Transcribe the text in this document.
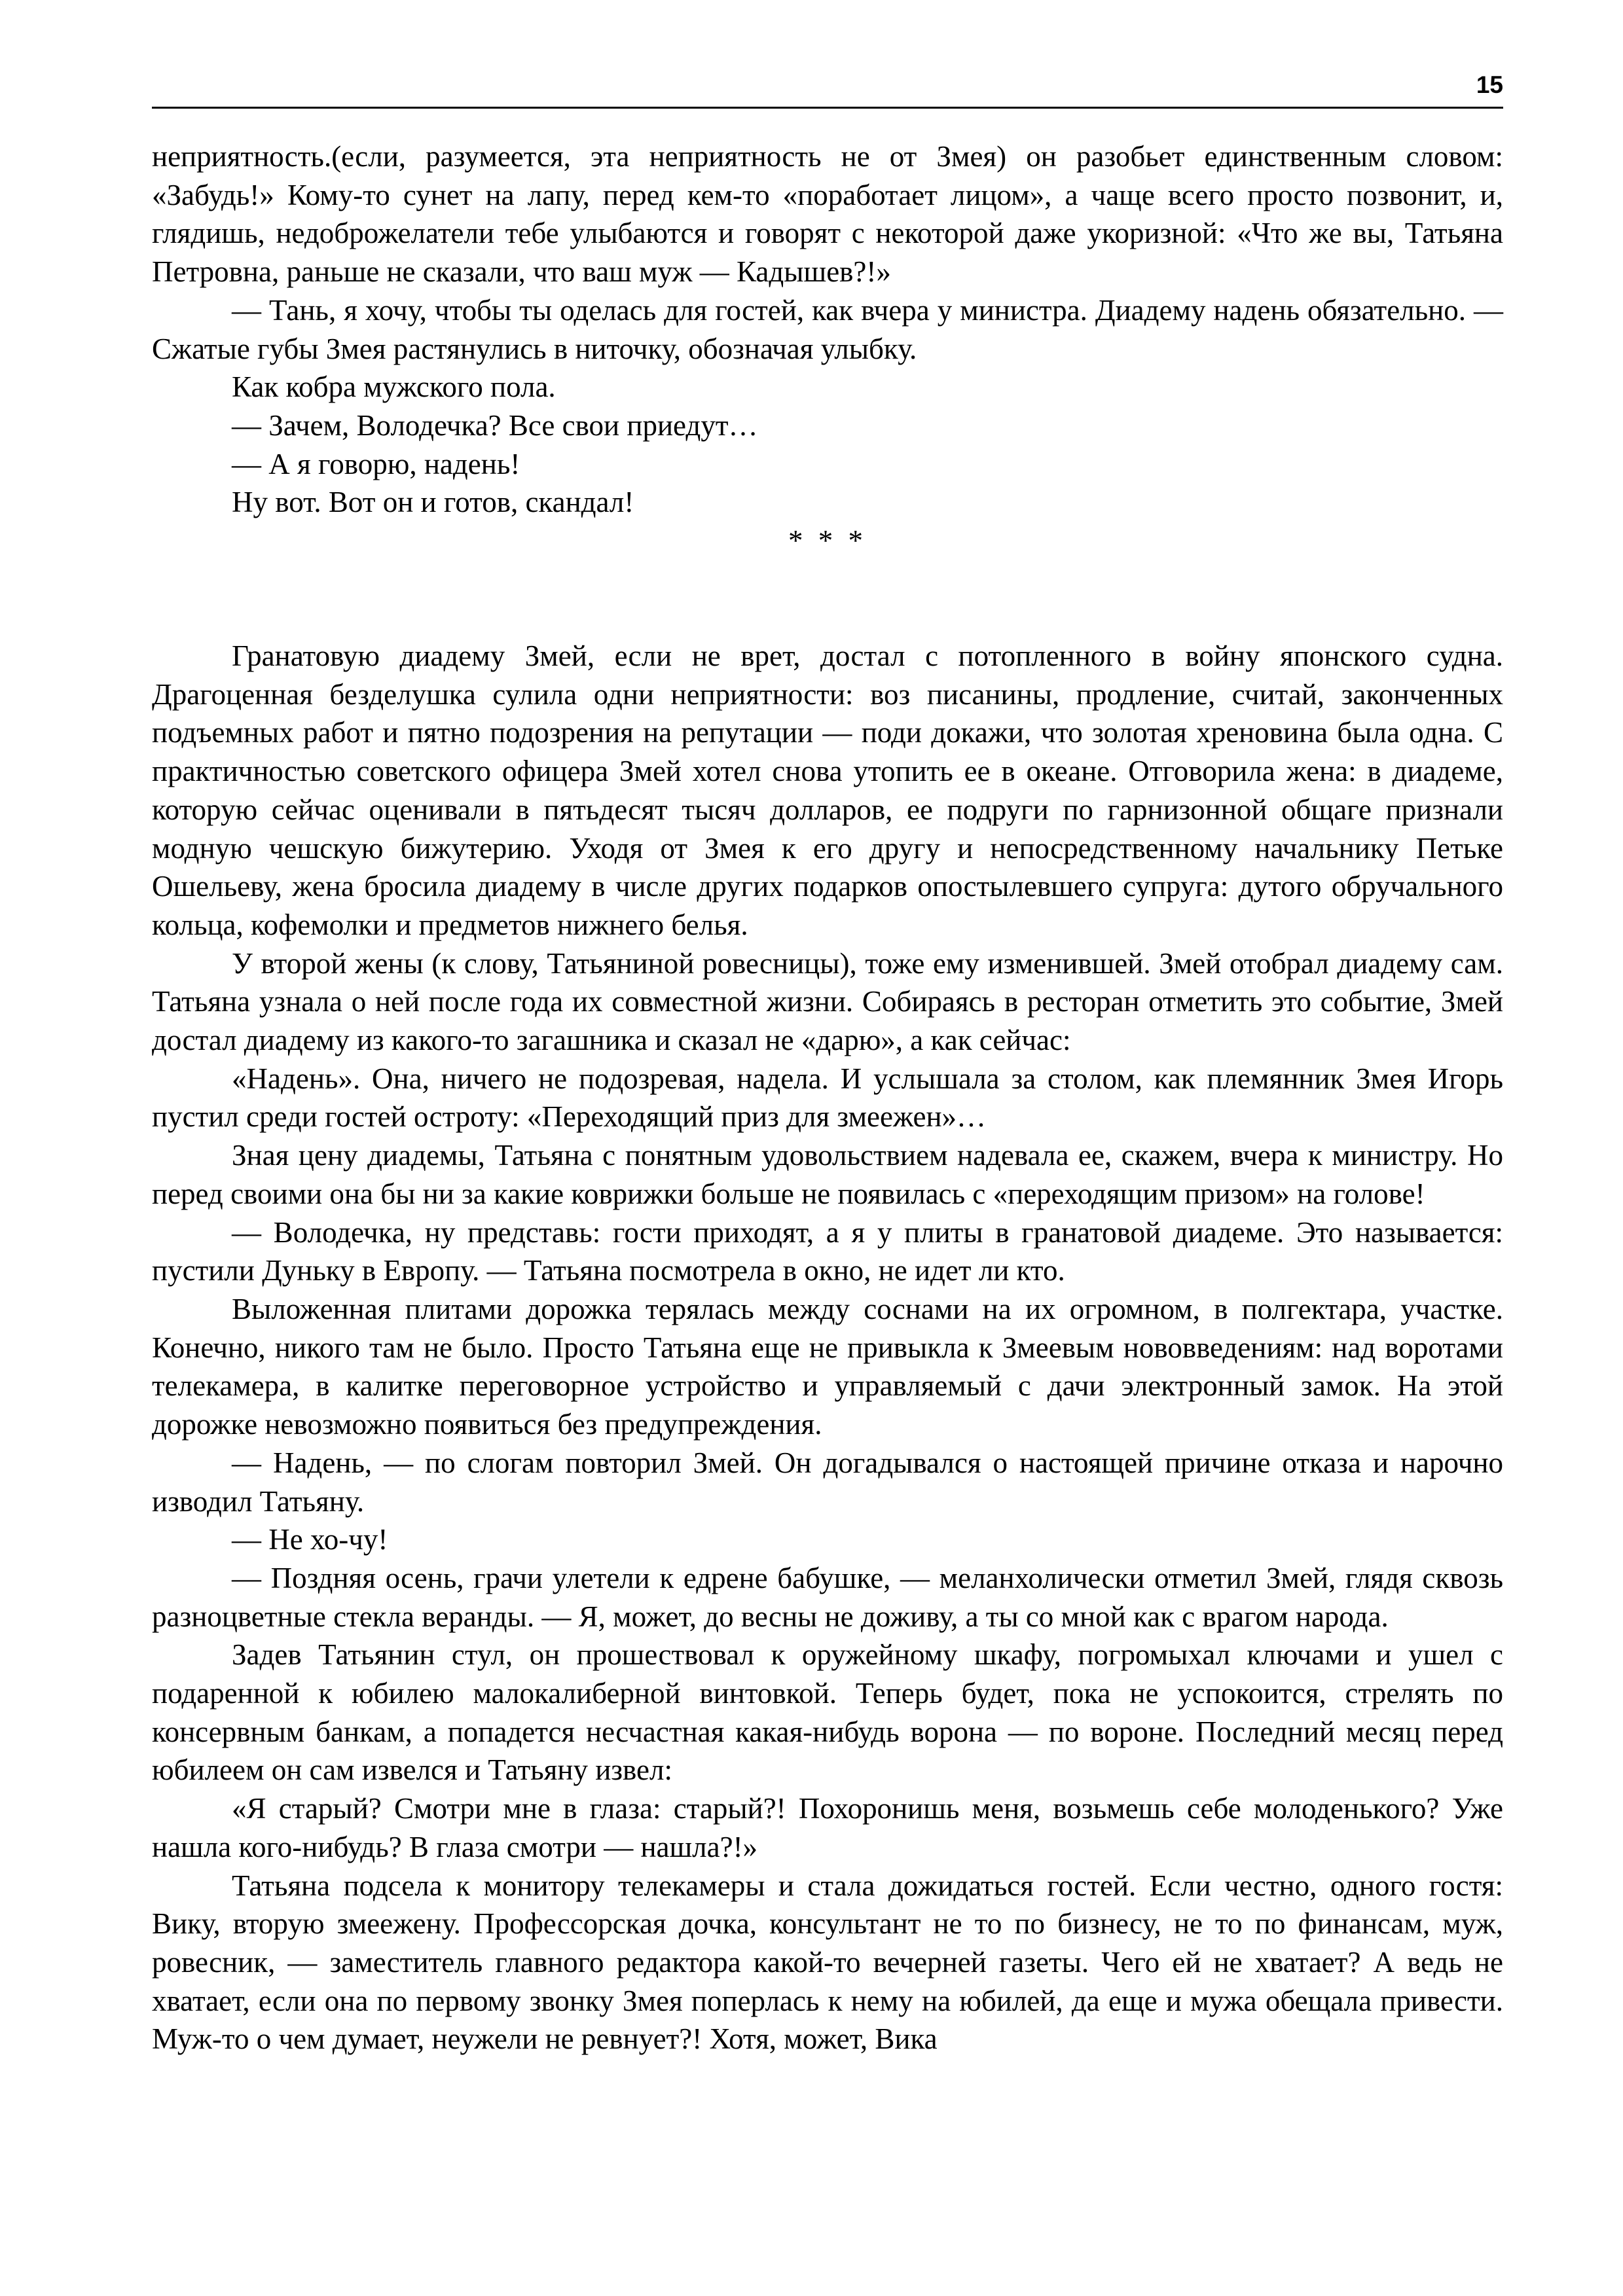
15

неприятность.(если, разумеется, эта неприятность не от Змея) он разобьет единственным словом: «Забудь!» Кому-то сунет на лапу, перед кем-то «поработает лицом», а чаще всего просто позвонит, и, глядишь, недоброжелатели тебе улыбаются и говорят с некоторой даже укоризной: «Что же вы, Татьяна Петровна, раньше не сказали, что ваш муж — Кадышев?!»

— Тань, я хочу, чтобы ты оделась для гостей, как вчера у министра. Диадему надень обязательно. — Сжатые губы Змея растянулись в ниточку, обозначая улыбку.

Как кобра мужского пола.

— Зачем, Володечка? Все свои приедут…

— А я говорю, надень!

Ну вот. Вот он и готов, скандал!

* * *

Гранатовую диадему Змей, если не врет, достал с потопленного в войну японского судна. Драгоценная безделушка сулила одни неприятности: воз писанины, продление, считай, законченных подъемных работ и пятно подозрения на репутации — поди докажи, что золотая хреновина была одна. С практичностью советского офицера Змей хотел снова утопить ее в океане. Отговорила жена: в диадеме, которую сейчас оценивали в пятьдесят тысяч долларов, ее подруги по гарнизонной общаге признали модную чешскую бижутерию. Уходя от Змея к его другу и непосредственному начальнику Петьке Ошельеву, жена бросила диадему в числе других подарков опостылевшего супруга: дутого обручального кольца, кофемолки и предметов нижнего белья.

У второй жены (к слову, Татьяниной ровесницы), тоже ему изменившей. Змей отобрал диадему сам. Татьяна узнала о ней после года их совместной жизни. Собираясь в ресторан отметить это событие, Змей достал диадему из какого-то загашника и сказал не «дарю», а как сейчас:

«Надень». Она, ничего не подозревая, надела. И услышала за столом, как племянник Змея Игорь пустил среди гостей остроту: «Переходящий приз для змеежен»…

Зная цену диадемы, Татьяна с понятным удовольствием надевала ее, скажем, вчера к министру. Но перед своими она бы ни за какие коврижки больше не появилась с «переходящим призом» на голове!

— Володечка, ну представь: гости приходят, а я у плиты в гранатовой диадеме. Это называется: пустили Дуньку в Европу. — Татьяна посмотрела в окно, не идет ли кто.

Выложенная плитами дорожка терялась между соснами на их огромном, в полгектара, участке. Конечно, никого там не было. Просто Татьяна еще не привыкла к Змеевым нововведениям: над воротами телекамера, в калитке переговорное устройство и управляемый с дачи электронный замок. На этой дорожке невозможно появиться без предупреждения.

— Надень, — по слогам повторил Змей. Он догадывался о настоящей причине отказа и нарочно изводил Татьяну.

— Не хо-чу!

— Поздняя осень, грачи улетели к едрене бабушке, — меланхолически отметил Змей, глядя сквозь разноцветные стекла веранды. — Я, может, до весны не доживу, а ты со мной как с врагом народа.

Задев Татьянин стул, он прошествовал к оружейному шкафу, погромыхал ключами и ушел с подаренной к юбилею малокалиберной винтовкой. Теперь будет, пока не успокоится, стрелять по консервным банкам, а попадется несчастная какая-нибудь ворона — по вороне. Последний месяц перед юбилеем он сам извелся и Татьяну извел:

«Я старый? Смотри мне в глаза: старый?! Похоронишь меня, возьмешь себе молоденького? Уже нашла кого-нибудь? В глаза смотри — нашла?!»

Татьяна подсела к монитору телекамеры и стала дожидаться гостей. Если честно, одного гостя: Вику, вторую змеежену. Профессорская дочка, консультант не то по бизнесу, не то по финансам, муж, ровесник, — заместитель главного редактора какой-то вечерней газеты. Чего ей не хватает? А ведь не хватает, если она по первому звонку Змея поперлась к нему на юбилей, да еще и мужа обещала привести. Муж-то о чем думает, неужели не ревнует?! Хотя, может, Вика
